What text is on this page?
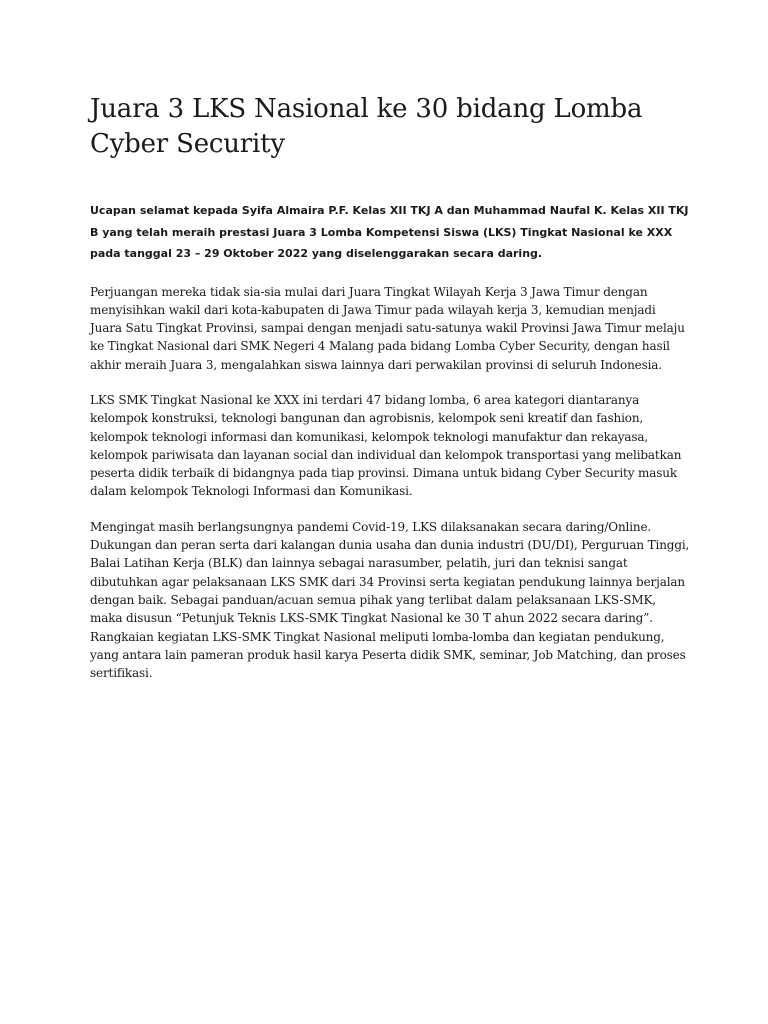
Juara 3 LKS Nasional ke 30 bidang Lomba Cyber Security

Ucapan selamat kepada Syifa Almaira P.F. Kelas XII TKJ A dan Muhammad Naufal K. Kelas XII TKJ B yang telah meraih prestasi Juara 3 Lomba Kompetensi Siswa (LKS) Tingkat Nasional ke XXX pada tanggal 23 – 29 Oktober 2022 yang diselenggarakan secara daring.

Perjuangan mereka tidak sia-sia mulai dari Juara Tingkat Wilayah Kerja 3 Jawa Timur dengan menyisihkan wakil dari kota-kabupaten di Jawa Timur pada wilayah kerja 3, kemudian menjadi Juara Satu Tingkat Provinsi, sampai dengan menjadi satu-satunya wakil Provinsi Jawa Timur melaju ke Tingkat Nasional dari SMK Negeri 4 Malang pada bidang Lomba Cyber Security, dengan hasil akhir meraih Juara 3, mengalahkan siswa lainnya dari perwakilan provinsi di seluruh Indonesia.

LKS SMK Tingkat Nasional ke XXX ini terdari 47 bidang lomba, 6 area kategori diantaranya kelompok konstruksi, teknologi bangunan dan agrobisnis, kelompok seni kreatif dan fashion, kelompok teknologi informasi dan komunikasi, kelompok teknologi manufaktur dan rekayasa, kelompok pariwisata dan layanan social dan individual dan kelompok transportasi yang melibatkan peserta didik terbaik di bidangnya pada tiap provinsi. Dimana untuk bidang Cyber Security masuk dalam kelompok Teknologi Informasi dan Komunikasi.

Mengingat masih berlangsungnya pandemi Covid-19, LKS dilaksanakan secara daring/Online. Dukungan dan peran serta dari kalangan dunia usaha dan dunia industri (DU/DI), Perguruan Tinggi, Balai Latihan Kerja (BLK) dan lainnya sebagai narasumber, pelatih, juri dan teknisi sangat dibutuhkan agar pelaksanaan LKS SMK dari 34 Provinsi serta kegiatan pendukung lainnya berjalan dengan baik. Sebagai panduan/acuan semua pihak yang terlibat dalam pelaksanaan LKS-SMK, maka disusun “Petunjuk Teknis LKS-SMK Tingkat Nasional ke 30 T ahun 2022 secara daring”. Rangkaian kegiatan LKS-SMK Tingkat Nasional meliputi lomba-lomba dan kegiatan pendukung, yang antara lain pameran produk hasil karya Peserta didik SMK, seminar, Job Matching, dan proses sertifikasi.
